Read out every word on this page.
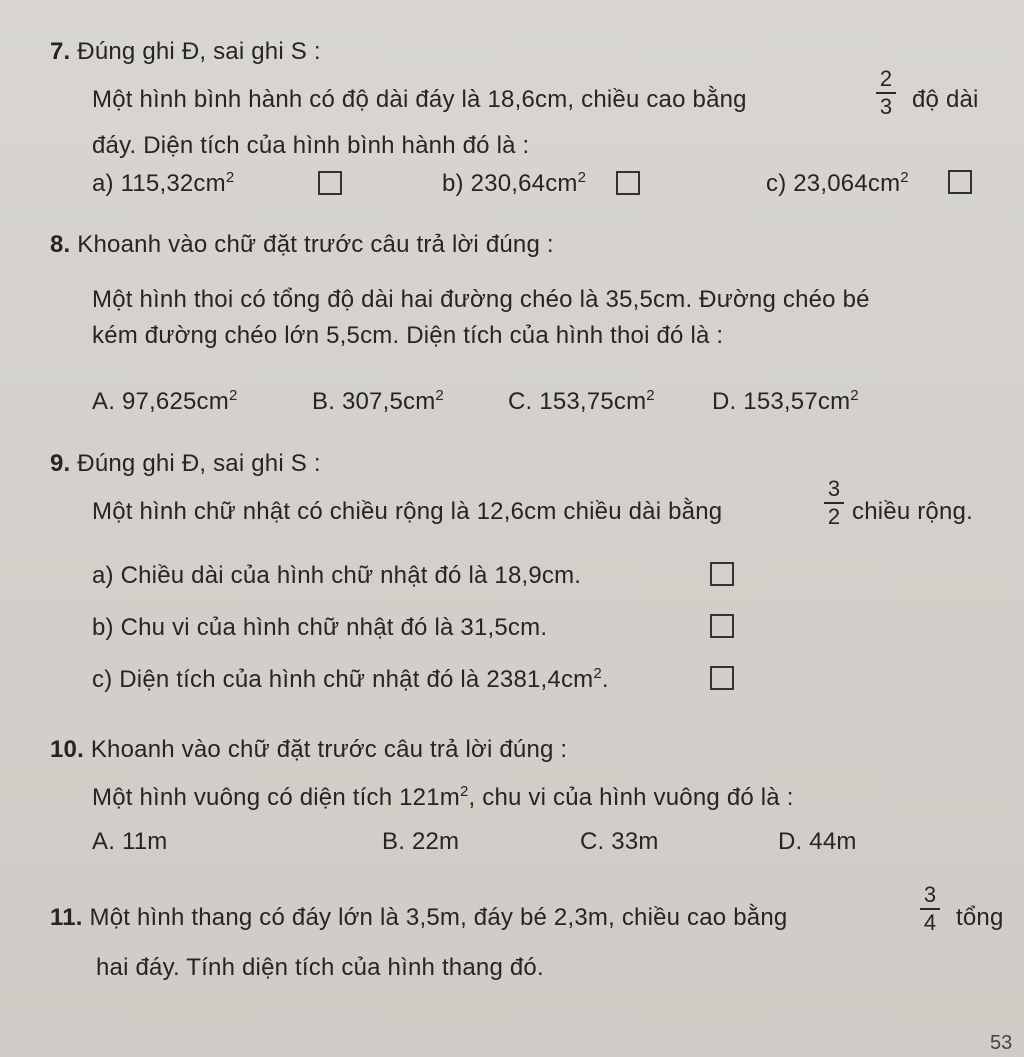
7. Đúng ghi Đ, sai ghi S :
Một hình bình hành có độ dài đáy là 18,6cm, chiều cao bằng
2
3 độ dài
đáy. Diện tích của hình bình hành đó là :
a) $115,32cm^2$	b) $230,64cm^2$	c) $23,064cm^2$
8. Khoanh vào chữ đặt trước câu trả lời đúng :
Một hình thoi có tổng độ dài hai đường chéo là 35,5cm. Đường chéo bé
kém đường chéo lớn 5,5cm. Diện tích của hình thoi đó là :
A. $97,625cm^2$	B. $307,5cm^2$	C. $153,75cm^2$ D. $153,57cm^2$
9. Đúng ghi Đ, sai ghi S :
Một hình chữ nhật có chiều rộng là 12,6cm chiều dài bằng
3
2 chiều rộng.
a) Chiều dài của hình chữ nhật đó là 18,9cm.
b) Chu vi của hình chữ nhật đó là 31,5cm.
c) Diện tích của hình chữ nhật đó là $2381,4cm^2$.
10. Khoanh vào chữ đặt trước câu trả lời đúng :
Một hình vuông có diện tích $121m^2$, chu vi của hình vuông đó là :
A. 11m	B. 22m	C. 33m	D. 44m
11. Một hình thang có đáy lớn là 3,5m, đáy bé 2,3m, chiều cao bằng
3
4 tổng
hai đáy. Tính diện tích của hình thang đó.
53
